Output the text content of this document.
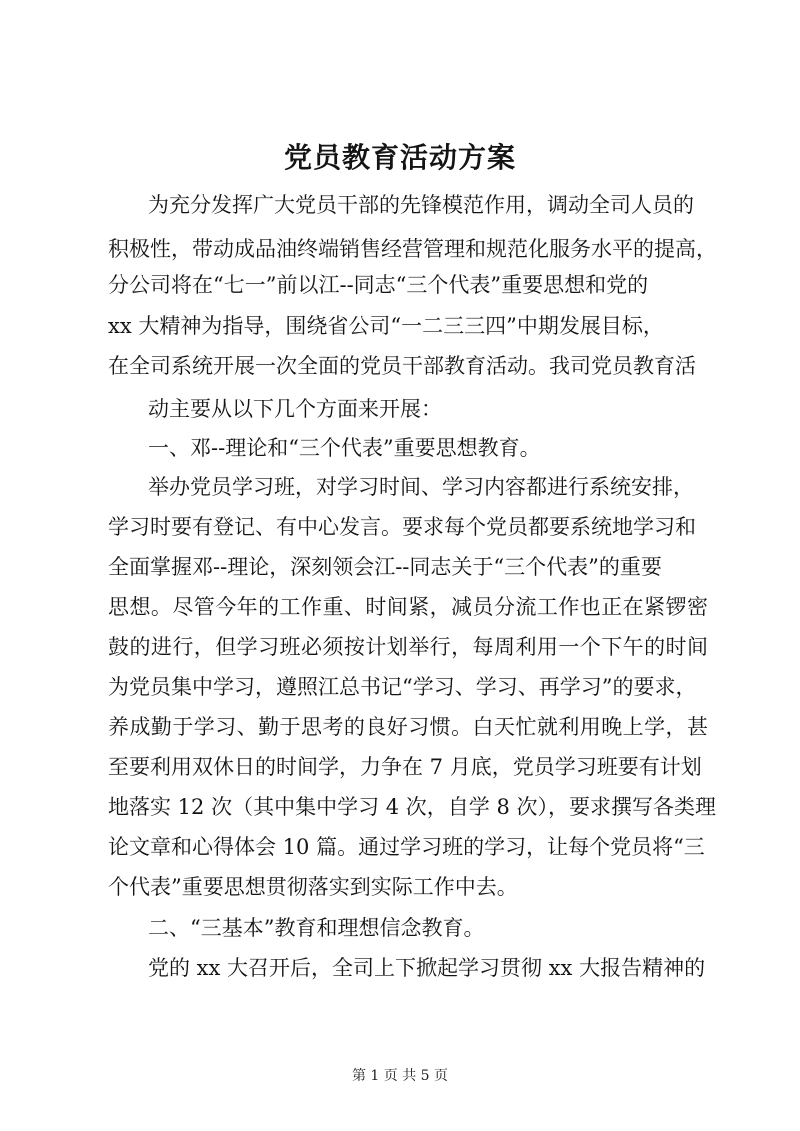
党员教育活动方案

为充分发挥广大党员干部的先锋模范作用，调动全司人员的

积极性，带动成品油终端销售经营管理和规范化服务水平的提高，

分公司将在“七一”前以江--同志“三个代表”重要思想和党的

xx 大精神为指导，围绕省公司“一二三三四”中期发展目标，

在全司系统开展一次全面的党员干部教育活动。我司党员教育活

动主要从以下几个方面来开展：

一、邓--理论和“三个代表”重要思想教育。

举办党员学习班，对学习时间、学习内容都进行系统安排，

学习时要有登记、有中心发言。要求每个党员都要系统地学习和

全面掌握邓--理论，深刻领会江--同志关于“三个代表”的重要

思想。尽管今年的工作重、时间紧，减员分流工作也正在紧锣密

鼓的进行，但学习班必须按计划举行，每周利用一个下午的时间

为党员集中学习，遵照江总书记“学习、学习、再学习”的要求，

养成勤于学习、勤于思考的良好习惯。白天忙就利用晚上学，甚

至要利用双休日的时间学，力争在 7 月底，党员学习班要有计划

地落实 12 次（其中集中学习 4 次，自学 8 次），要求撰写各类理

论文章和心得体会 10 篇。通过学习班的学习，让每个党员将“三

个代表”重要思想贯彻落实到实际工作中去。

二、“三基本”教育和理想信念教育。

党的 xx 大召开后，全司上下掀起学习贯彻 xx 大报告精神的

第 1 页 共 5 页
